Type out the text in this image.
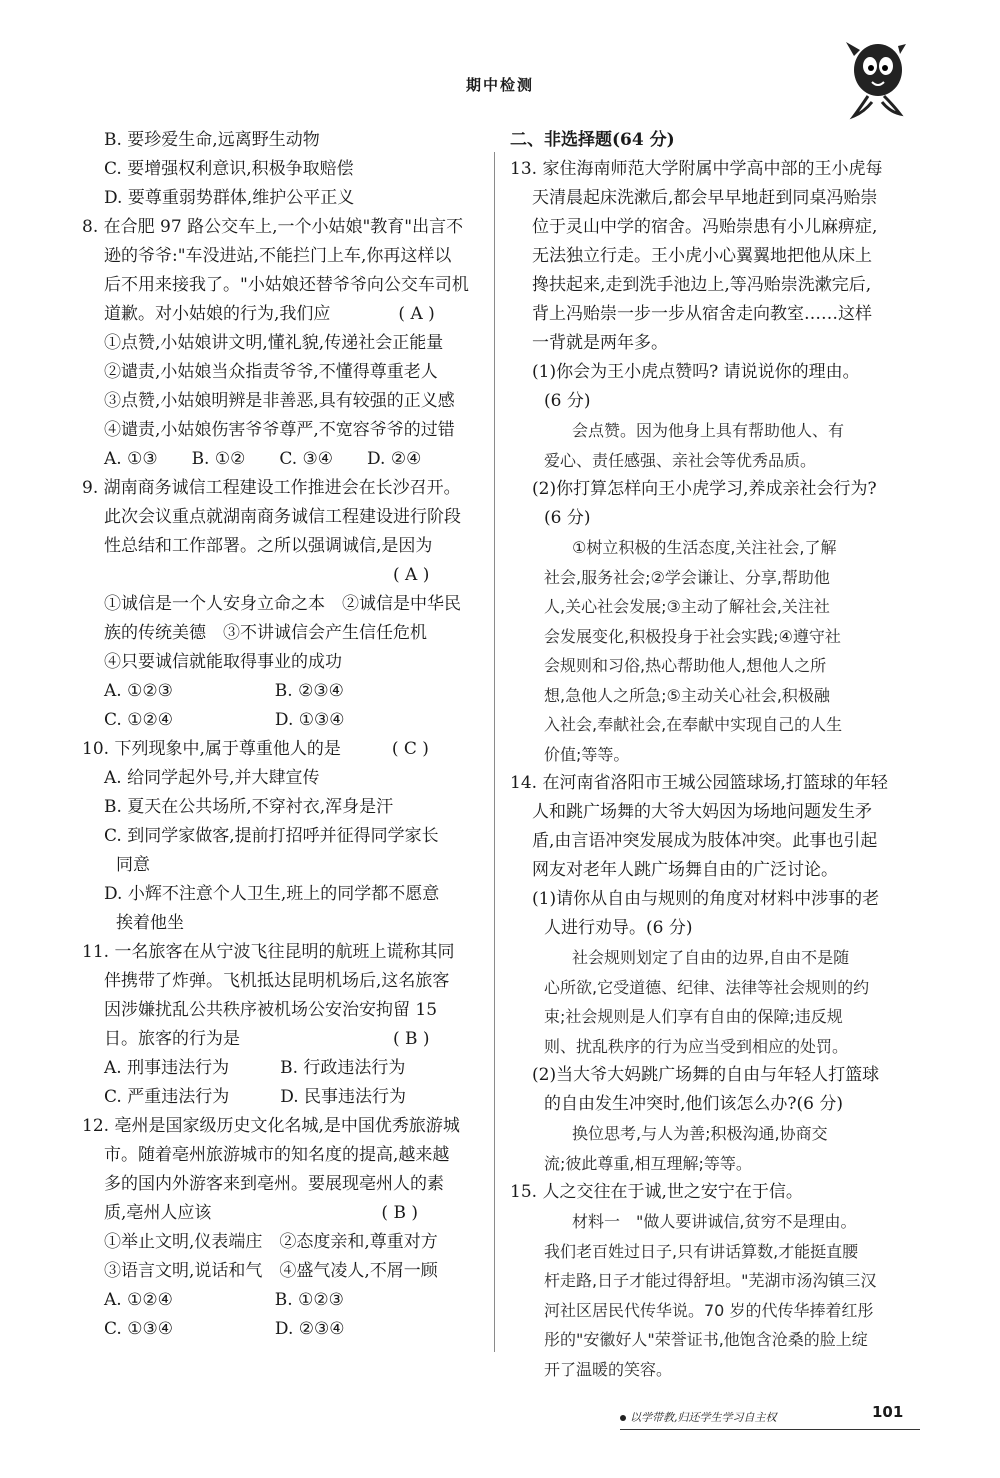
期中检测
B. 要珍爱生命,远离野生动物
C. 要增强权利意识,积极争取赔偿
D. 要尊重弱势群体,维护公平正义
8. 在合肥 97 路公交车上,一个小姑娘"教育"出言不
逊的爷爷:"车没进站,不能拦门上车,你再这样以
后不用来接我了。"小姑娘还替爷爷向公交车司机
道歉。对小姑娘的行为,我们应　　　　( A )
①点赞,小姑娘讲文明,懂礼貌,传递社会正能量
②谴责,小姑娘当众指责爷爷,不懂得尊重老人
③点赞,小姑娘明辨是非善恶,具有较强的正义感
④谴责,小姑娘伤害爷爷尊严,不宽容爷爷的过错
A. ①③　　B. ①②　　C. ③④　　D. ②④
9. 湖南商务诚信工程建设工作推进会在长沙召开。
此次会议重点就湖南商务诚信工程建设进行阶段
性总结和工作部署。之所以强调诚信,是因为
　　　　　　　　　　　　　　　　　( A )
①诚信是一个人安身立命之本　②诚信是中华民
族的传统美德　③不讲诚信会产生信任危机
④只要诚信就能取得事业的成功
A. ①②③　　　　　　B. ②③④
C. ①②④　　　　　　D. ①③④
10. 下列现象中,属于尊重他人的是　　　( C )
A. 给同学起外号,并大肆宣传
B. 夏天在公共场所,不穿衬衣,浑身是汗
C. 到同学家做客,提前打招呼并征得同学家长
同意
D. 小辉不注意个人卫生,班上的同学都不愿意
挨着他坐
11. 一名旅客在从宁波飞往昆明的航班上谎称其同
伴携带了炸弹。飞机抵达昆明机场后,这名旅客
因涉嫌扰乱公共秩序被机场公安治安拘留 15
日。旅客的行为是　　　　　　　　　( B )
A. 刑事违法行为　　　B. 行政违法行为
C. 严重违法行为　　　D. 民事违法行为
12. 亳州是国家级历史文化名城,是中国优秀旅游城
市。随着亳州旅游城市的知名度的提高,越来越
多的国内外游客来到亳州。要展现亳州人的素
质,亳州人应该　　　　　　　　　　( B )
①举止文明,仪表端庄　②态度亲和,尊重对方
③语言文明,说话和气　④盛气凌人,不屑一顾
A. ①②④　　　　　　B. ①②③
C. ①③④　　　　　　D. ②③④
二、非选择题(64 分)
13. 家住海南师范大学附属中学高中部的王小虎每
天清晨起床洗漱后,都会早早地赶到同桌冯贻崇
位于灵山中学的宿舍。冯贻崇患有小儿麻痹症,
无法独立行走。王小虎小心翼翼地把他从床上
搀扶起来,走到洗手池边上,等冯贻崇洗漱完后,
背上冯贻崇一步一步从宿舍走向教室……这样
一背就是两年多。
(1)你会为王小虎点赞吗? 请说说你的理由。
(6 分)
会点赞。因为他身上具有帮助他人、有
爱心、责任感强、亲社会等优秀品质。
(2)你打算怎样向王小虎学习,养成亲社会行为?
(6 分)
①树立积极的生活态度,关注社会,了解
社会,服务社会;②学会谦让、分享,帮助他
人,关心社会发展;③主动了解社会,关注社
会发展变化,积极投身于社会实践;④遵守社
会规则和习俗,热心帮助他人,想他人之所
想,急他人之所急;⑤主动关心社会,积极融
入社会,奉献社会,在奉献中实现自己的人生
价值;等等。
14. 在河南省洛阳市王城公园篮球场,打篮球的年轻
人和跳广场舞的大爷大妈因为场地问题发生矛
盾,由言语冲突发展成为肢体冲突。此事也引起
网友对老年人跳广场舞自由的广泛讨论。
(1)请你从自由与规则的角度对材料中涉事的老
人进行劝导。(6 分)
社会规则划定了自由的边界,自由不是随
心所欲,它受道德、纪律、法律等社会规则的约
束;社会规则是人们享有自由的保障;违反规
则、扰乱秩序的行为应当受到相应的处罚。
(2)当大爷大妈跳广场舞的自由与年轻人打篮球
的自由发生冲突时,他们该怎么办?(6 分)
换位思考,与人为善;积极沟通,协商交
流;彼此尊重,相互理解;等等。
15. 人之交往在于诚,世之安宁在于信。
材料一　"做人要讲诚信,贫穷不是理由。
我们老百姓过日子,只有讲话算数,才能挺直腰
杆走路,日子才能过得舒坦。"芜湖市汤沟镇三汉
河社区居民代传华说。70 岁的代传华捧着红彤
彤的"安徽好人"荣誉证书,他饱含沧桑的脸上绽
开了温暖的笑容。
以学带教,归还学生学习自主权	101
